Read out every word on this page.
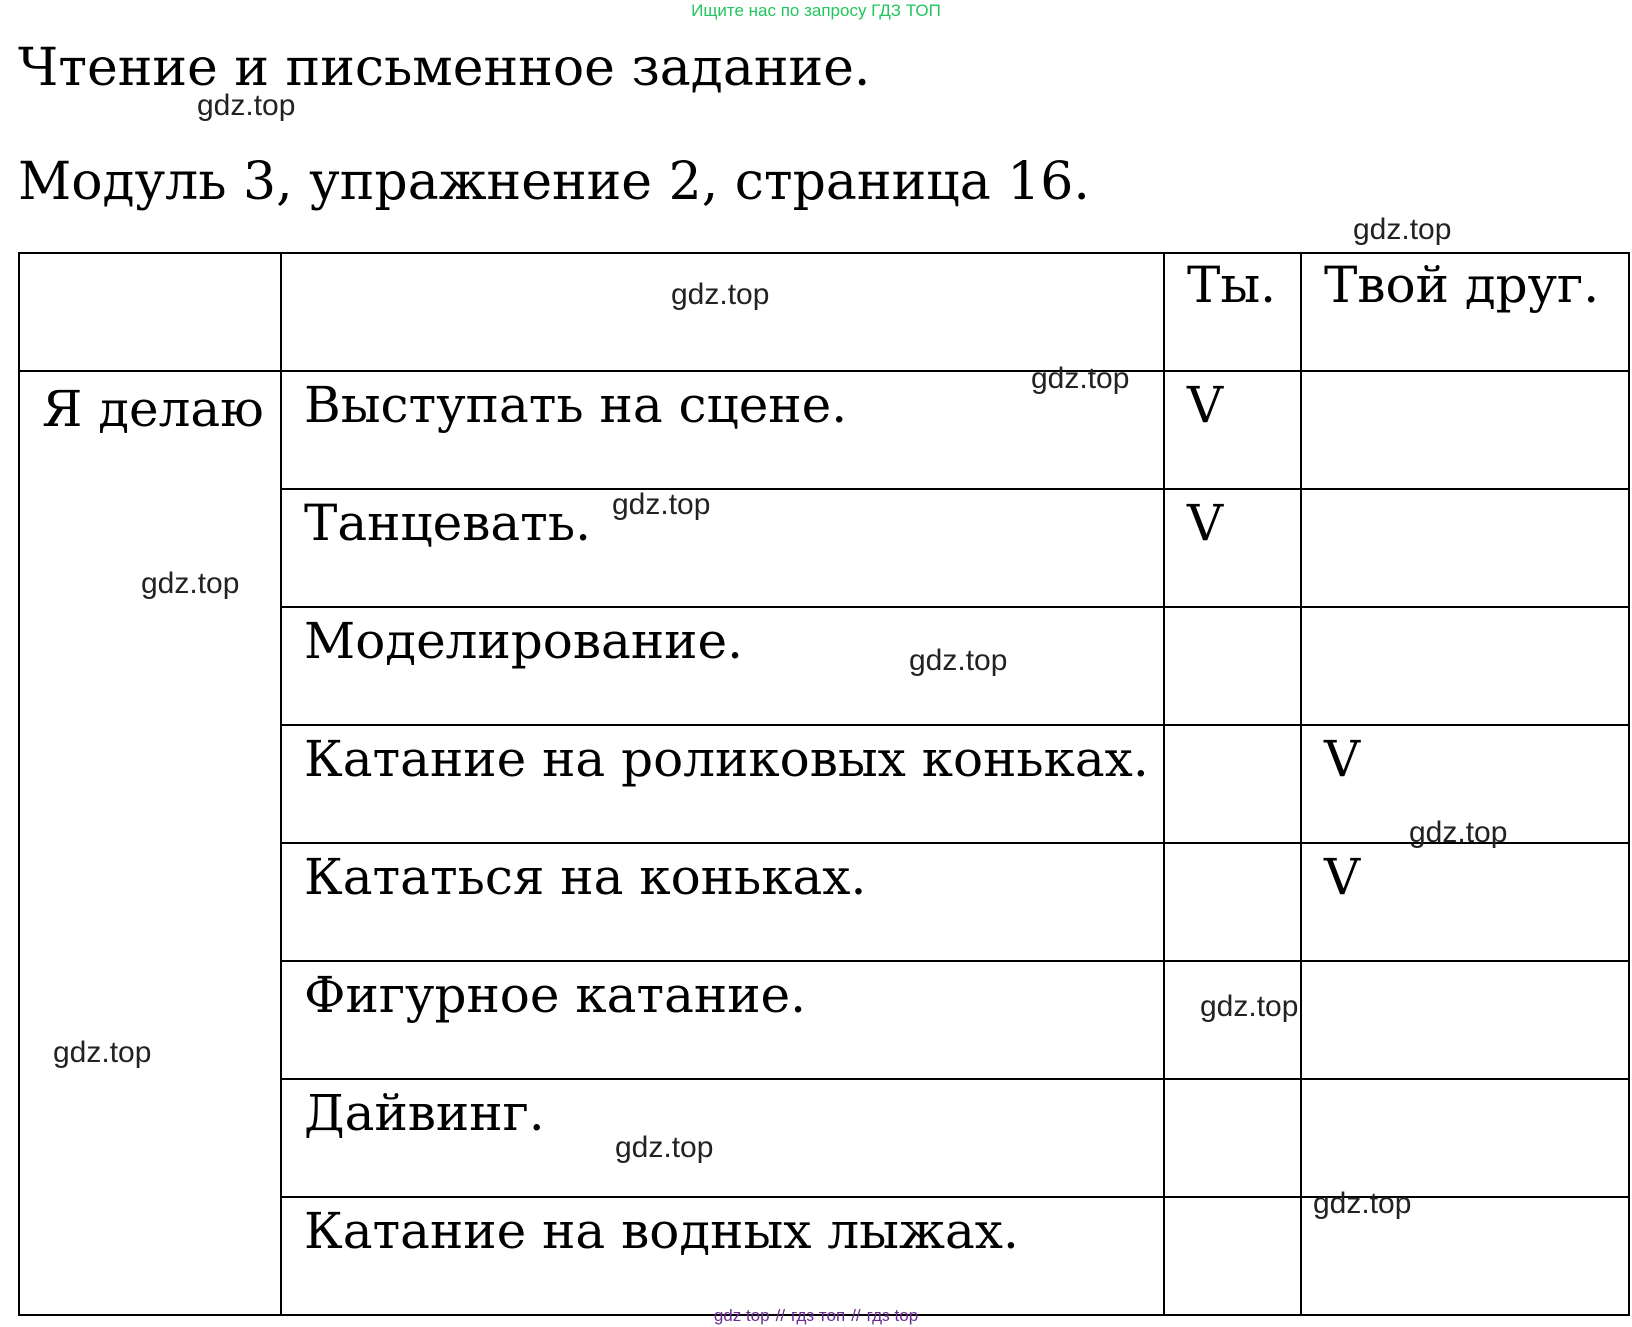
Ищите нас по запросу ГДЗ ТОП
Чтение и письменное задание.
Модуль 3, упражнение 2, страница 16.
		Ты.	Твой друг.
Я делаю	Выступать на сцене.	V	
	Танцевать.	V	
	Моделирование.		
	Катание на роликовых коньках.		V
	Кататься на коньках.		V
	Фигурное катание.		
	Дайвинг.		
	Катание на водных лыжах.		
gdz.top
gdz.top
gdz.top
gdz.top
gdz.top
gdz.top
gdz.top
gdz.top
gdz.top
gdz.top
gdz.top
gdz.top
gdz top // гдз топ // гдз top
